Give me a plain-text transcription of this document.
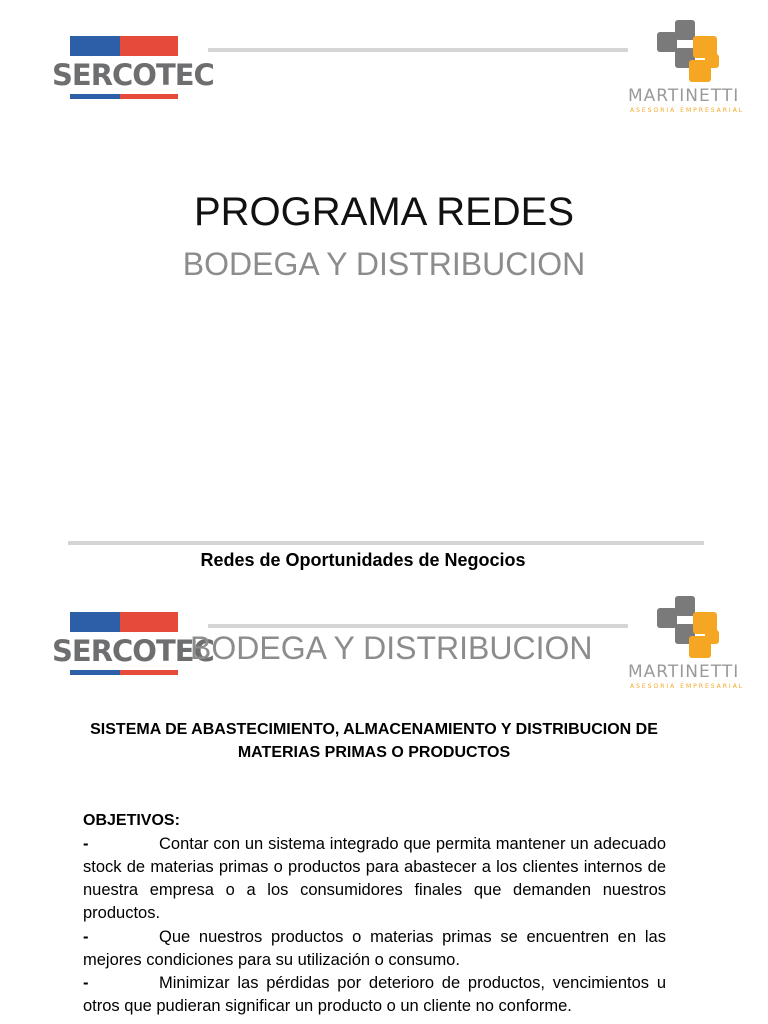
SERCOTEC
MARTINETTI
ASESORIA EMPRESARIAL
PROGRAMA REDES
BODEGA Y DISTRIBUCION
Redes de Oportunidades de Negocios
SERCOTEC
BODEGA Y DISTRIBUCION
MARTINETTI
ASESORIA EMPRESARIAL
SISTEMA DE ABASTECIMIENTO, ALMACENAMIENTO Y DISTRIBUCION DE MATERIAS PRIMAS O PRODUCTOS
OBJETIVOS:
-	Contar con un sistema integrado que permita mantener un adecuado stock de materias primas o productos para abastecer a los clientes internos de nuestra empresa o a los consumidores finales que demanden nuestros productos.
-	Que nuestros productos o materias primas se encuentren en las mejores condiciones para su utilización o consumo.
-	Minimizar las pérdidas por deterioro de productos, vencimientos u otros que pudieran significar un producto o un cliente no conforme.
